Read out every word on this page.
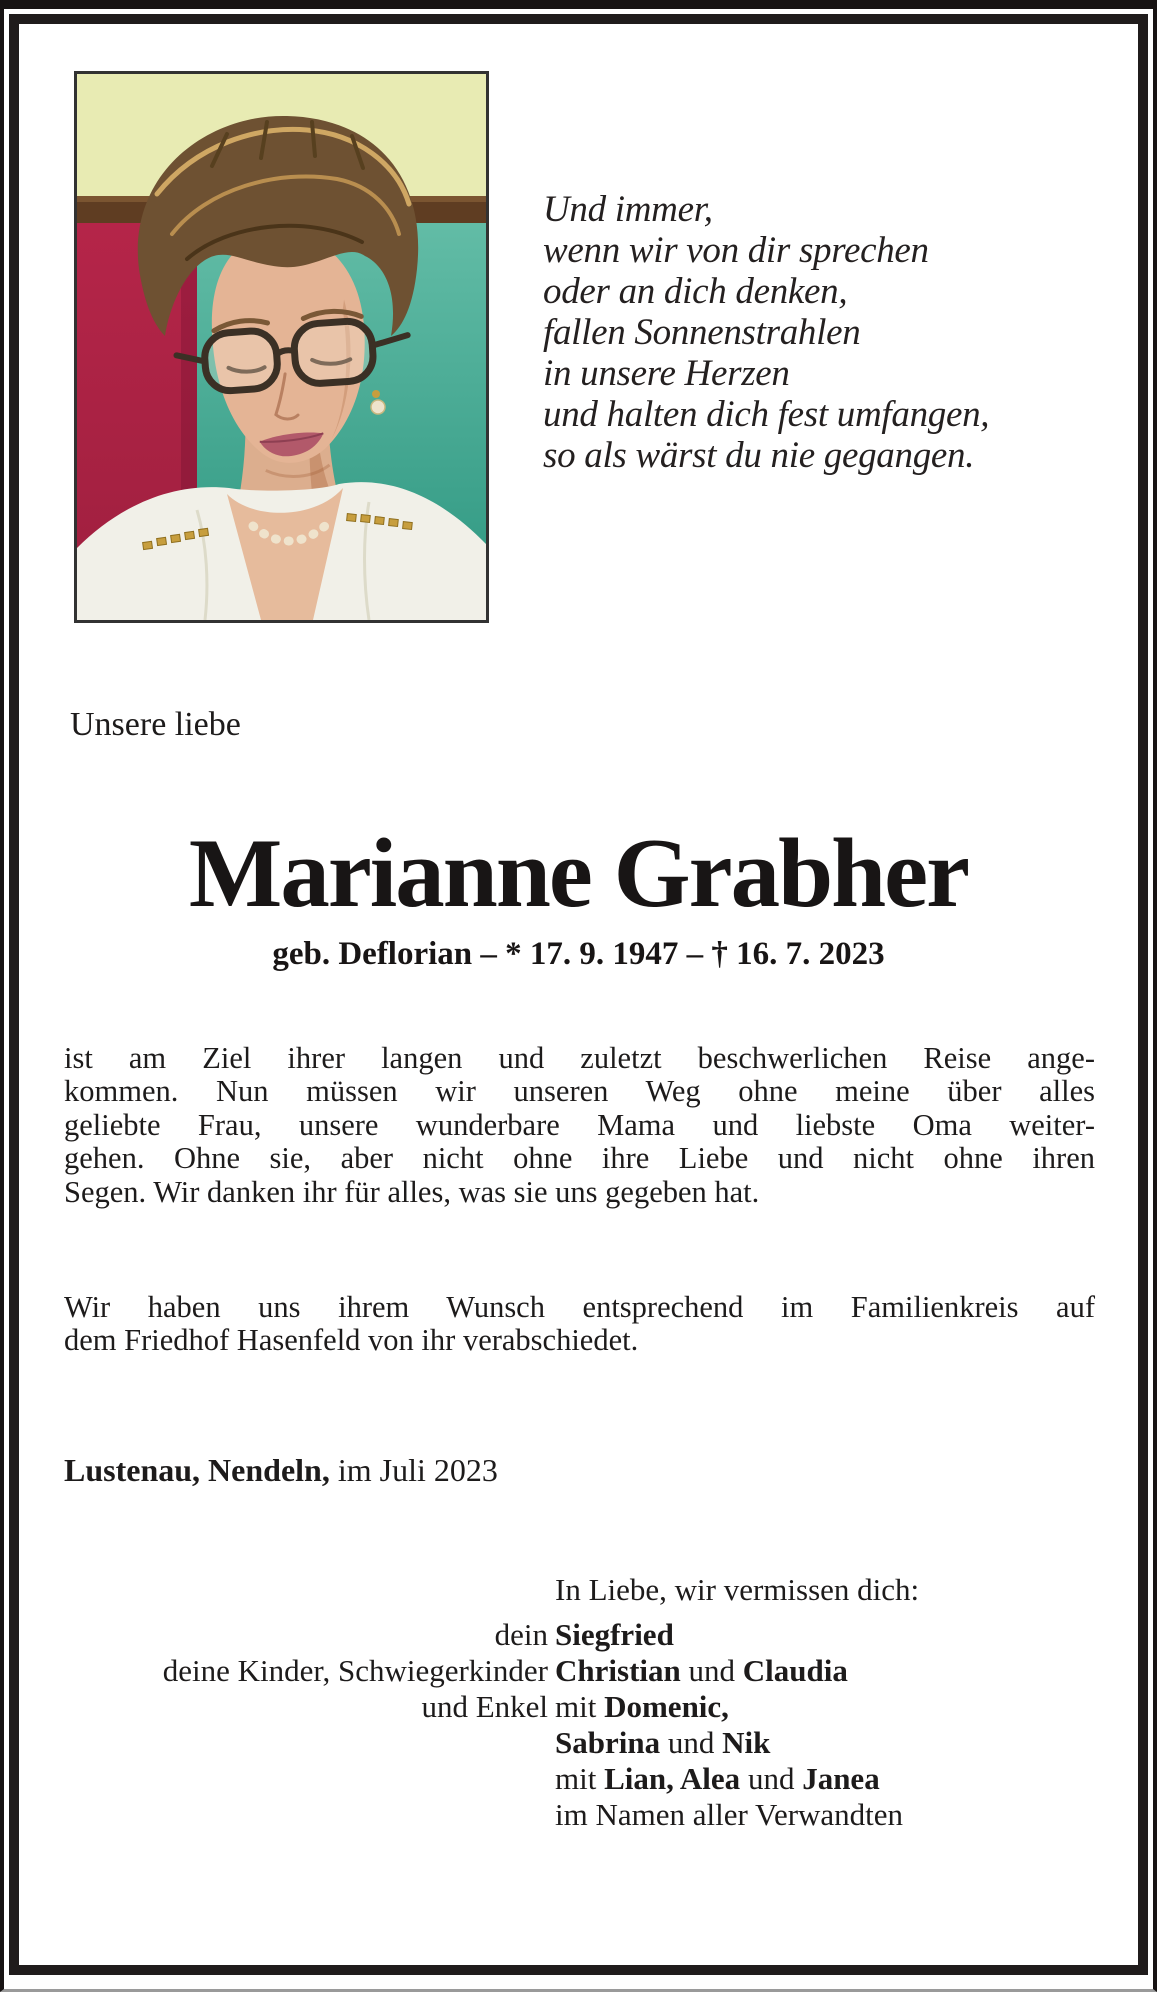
Und immer,
wenn wir von dir sprechen
oder an dich denken,
fallen Sonnenstrahlen
in unsere Herzen
und halten dich fest umfangen,
so als wärst du nie gegangen.
Unsere liebe
Marianne Grabher
geb. Deflorian – * 17. 9. 1947 – † 16. 7. 2023
ist am Ziel ihrer langen und zuletzt beschwerlichen Reise ange-
kommen. Nun müssen wir unseren Weg ohne meine über alles
geliebte Frau, unsere wunderbare Mama und liebste Oma weiter-
gehen. Ohne sie, aber nicht ohne ihre Liebe und nicht ohne ihren
Segen. Wir danken ihr für alles, was sie uns gegeben hat.
Wir haben uns ihrem Wunsch entsprechend im Familienkreis auf
dem Friedhof Hasenfeld von ihr verabschiedet.
Lustenau, Nendeln, im Juli 2023
In Liebe, wir vermissen dich:
dein Siegfried
deine Kinder, Schwiegerkinder Christian und Claudia
und Enkel mit Domenic,
Sabrina und Nik
mit Lian, Alea und Janea
im Namen aller Verwandten
